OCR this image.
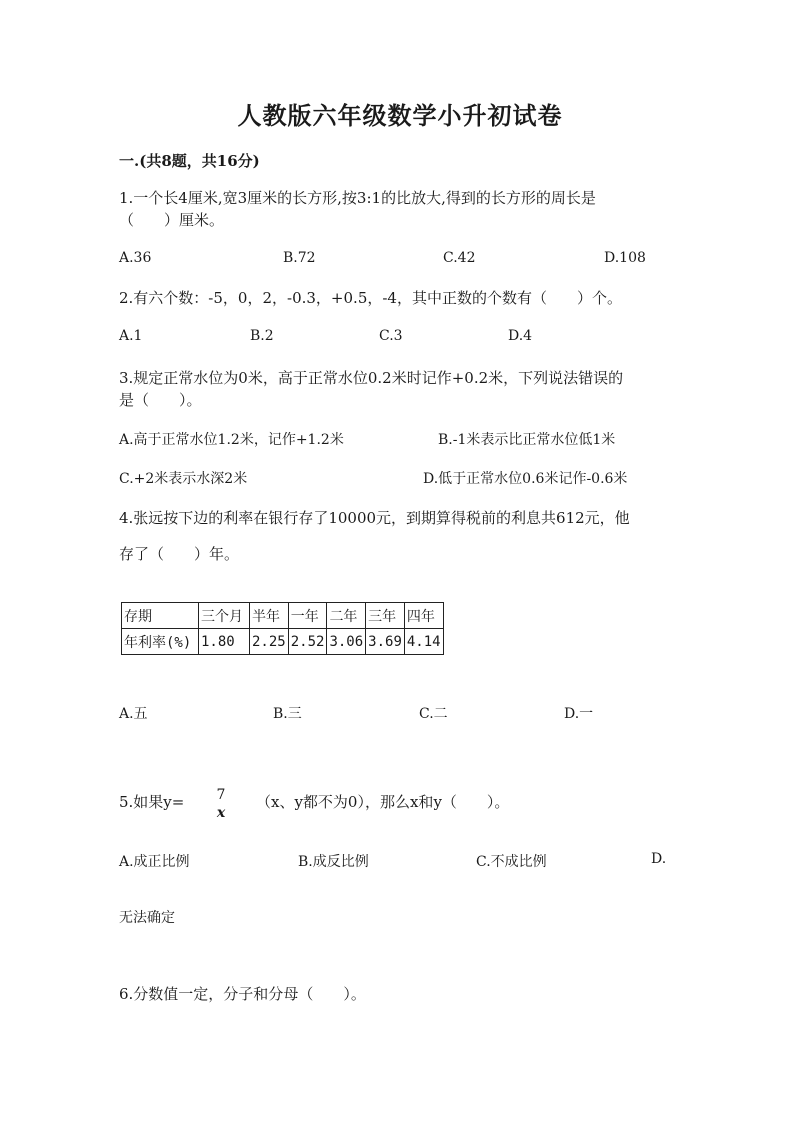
人教版六年级数学小升初试卷
一.(共8题，共16分)
1.一个长4厘米,宽3厘米的长方形,按3:1的比放大,得到的长方形的周长是
（　　）厘米。
A.36	B.72	C.42	D.108
2.有六个数：-5，0，2，-0.3，+0.5，-4，其中正数的个数有（　　）个。
A.1	B.2	C.3	D.4
3.规定正常水位为0米，高于正常水位0.2米时记作+0.2米，下列说法错误的
是（　　）。
A.高于正常水位1.2米，记作+1.2米	B.-1米表示比正常水位低1米
C.+2米表示水深2米	D.低于正常水位0.6米记作-0.6米
4.张远按下边的利率在银行存了10000元，到期算得税前的利息共612元，他
存了（　　）年。
存期	三个月	半年	一年	二年	三年	四年
年利率(%)	1.80	2.25	2.52	3.06	3.69	4.14
A.五	B.三	C.二	D.一
5.如果y=	7
x
（x、y都不为0），那么x和y（　　）。
A.成正比例	B.成反比例	C.不成比例	D.
无法确定
6.分数值一定，分子和分母（　　）。
